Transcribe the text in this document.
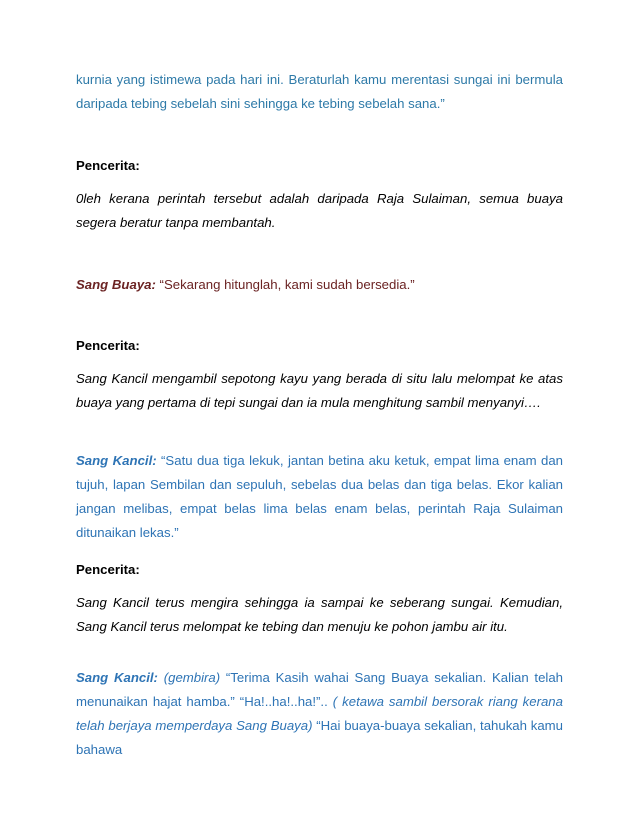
kurnia yang istimewa pada hari ini. Beraturlah kamu merentasi sungai ini bermula daripada tebing sebelah sini sehingga ke tebing sebelah sana.”

Pencerita:

0leh kerana perintah tersebut adalah daripada Raja Sulaiman, semua buaya segera beratur tanpa membantah.

Sang Buaya: “Sekarang hitunglah, kami sudah bersedia.”

Pencerita:

Sang Kancil mengambil sepotong kayu yang berada di situ lalu melompat ke atas buaya yang pertama di tepi sungai dan ia mula menghitung sambil menyanyi….

Sang Kancil: “Satu dua tiga lekuk, jantan betina aku ketuk, empat lima enam dan tujuh, lapan Sembilan dan sepuluh, sebelas dua belas dan tiga belas. Ekor kalian jangan melibas, empat belas lima belas enam belas, perintah Raja Sulaiman ditunaikan lekas.”

Pencerita:

Sang Kancil terus mengira sehingga ia sampai ke seberang sungai. Kemudian, Sang Kancil terus melompat ke tebing dan menuju ke pohon jambu air itu.

Sang Kancil: (gembira) “Terima Kasih wahai Sang Buaya sekalian. Kalian telah menunaikan hajat hamba.” “Ha!..ha!..ha!”.. ( ketawa sambil bersorak riang kerana telah berjaya memperdaya Sang Buaya) “Hai buaya-buaya sekalian, tahukah kamu bahawa
